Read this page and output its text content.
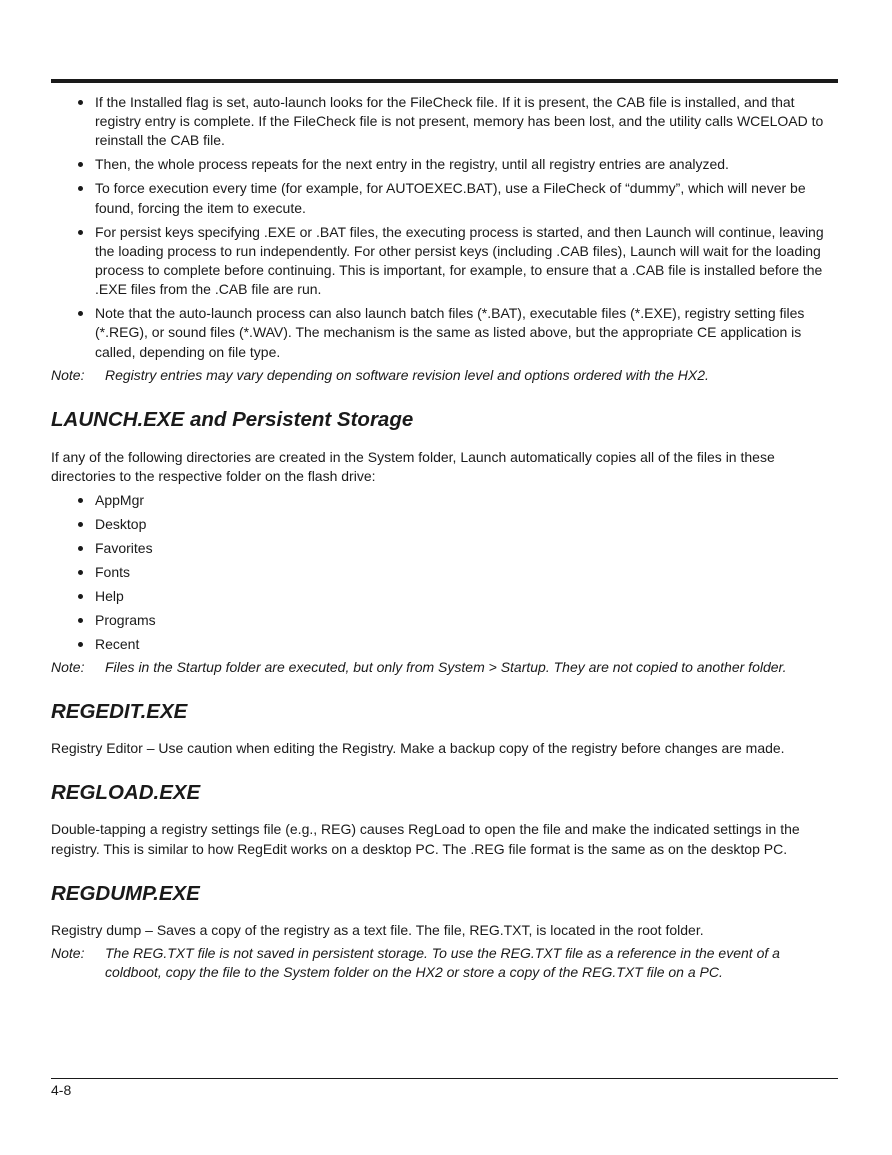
If the Installed flag is set, auto-launch looks for the FileCheck file. If it is present, the CAB file is installed, and that registry entry is complete. If the FileCheck file is not present, memory has been lost, and the utility calls WCELOAD to reinstall the CAB file.
Then, the whole process repeats for the next entry in the registry, until all registry entries are analyzed.
To force execution every time (for example, for AUTOEXEC.BAT), use a FileCheck of “dummy”, which will never be found, forcing the item to execute.
For persist keys specifying .EXE or .BAT files, the executing process is started, and then Launch will continue, leaving the loading process to run independently. For other persist keys (including .CAB files), Launch will wait for the loading process to complete before continuing. This is important, for example, to ensure that a .CAB file is installed before the .EXE files from the .CAB file are run.
Note that the auto-launch process can also launch batch files (*.BAT), executable files (*.EXE), registry setting files (*.REG), or sound files (*.WAV). The mechanism is the same as listed above, but the appropriate CE application is called, depending on file type.

Note: Registry entries may vary depending on software revision level and options ordered with the HX2.

LAUNCH.EXE and Persistent Storage

If any of the following directories are created in the System folder, Launch automatically copies all of the files in these directories to the respective folder on the flash drive:

AppMgr
Desktop
Favorites
Fonts
Help
Programs
Recent

Note: Files in the Startup folder are executed, but only from System > Startup. They are not copied to another folder.

REGEDIT.EXE

Registry Editor – Use caution when editing the Registry. Make a backup copy of the registry before changes are made.

REGLOAD.EXE

Double-tapping a registry settings file (e.g., REG) causes RegLoad to open the file and make the indicated settings in the registry. This is similar to how RegEdit works on a desktop PC. The .REG file format is the same as on the desktop PC.

REGDUMP.EXE

Registry dump – Saves a copy of the registry as a text file. The file, REG.TXT, is located in the root folder.

Note: The REG.TXT file is not saved in persistent storage. To use the REG.TXT file as a reference in the event of a coldboot, copy the file to the System folder on the HX2 or store a copy of the REG.TXT file on a PC.

4-8
